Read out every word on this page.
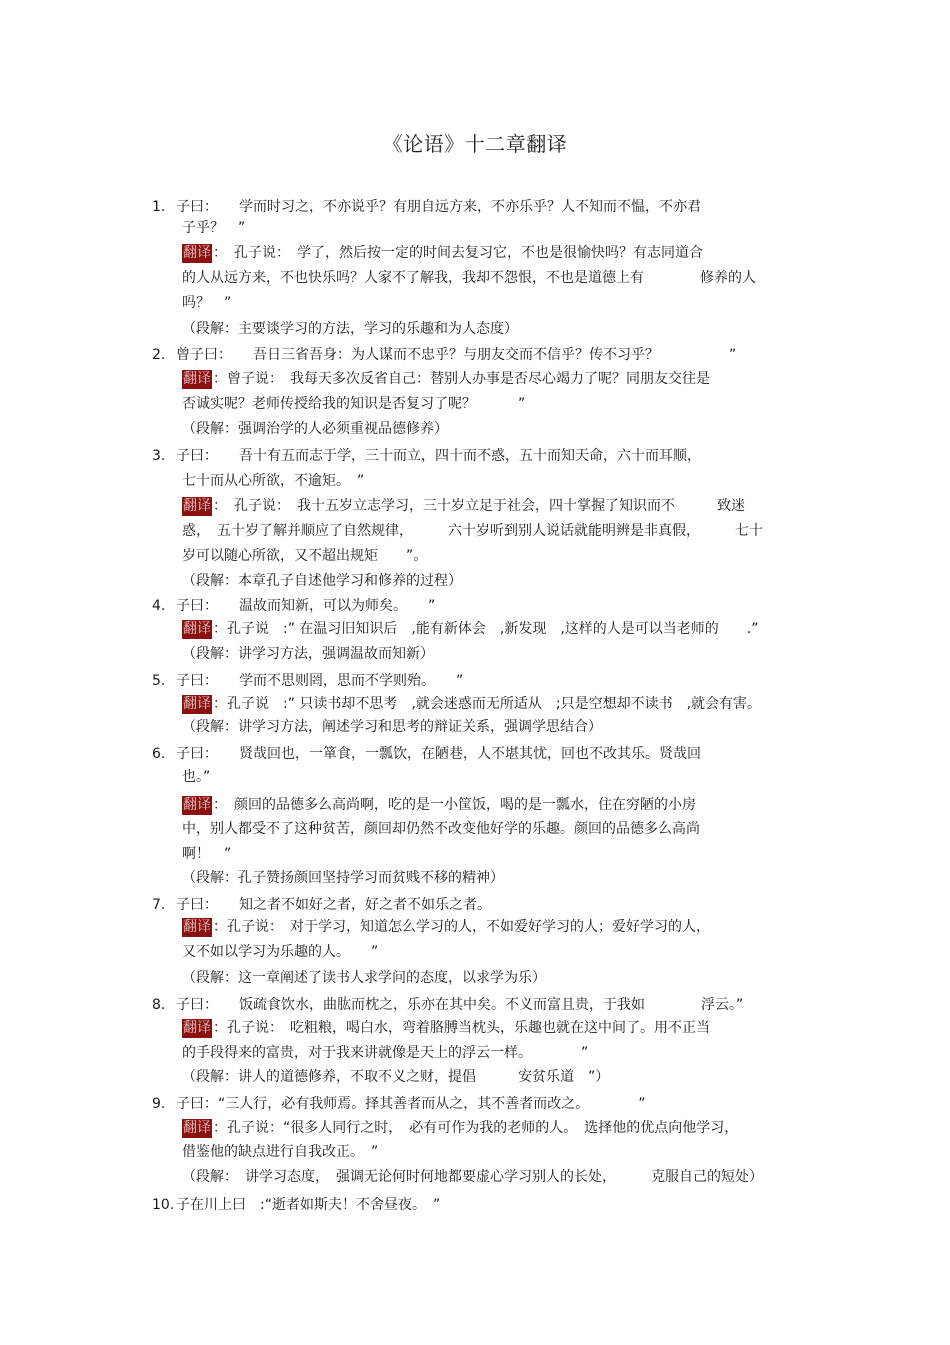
《论语》十二章翻译
1. 子曰：　　学而时习之，不亦说乎？有朋自远方来，不亦乐乎？人不知而不愠，不亦君
子乎？　”
翻译 ：　孔子说：　学了，然后按一定的时间去复习它，不也是很愉快吗？有志同道合
的人从远方来，不也快乐吗？人家不了解我，我却不怨恨，不也是道德上有　　　　修养的人
吗？　”
（段解：主要谈学习的方法，学习的乐趣和为人态度）
2. 曾子曰：　　吾日三省吾身：为人谋而不忠乎？与朋友交而不信乎？传不习乎？　　　　　”
翻译 ：曾子说：　我每天多次反省自己：替别人办事是否尽心竭力了呢？同朋友交往是
否诚实呢？老师传授给我的知识是否复习了呢？　　　”
（段解：强调治学的人必须重视品德修养）
3. 子曰：　　吾十有五而志于学，三十而立，四十而不惑，五十而知天命，六十而耳顺，
七十而从心所欲，不逾矩。　”
翻译 ：　孔子说：　我十五岁立志学习，三十岁立足于社会，四十掌握了知识而不　　　致迷
惑，　五十岁了解并顺应了自然规律，　　　六十岁听到别人说话就能明辨是非真假，　　　七十
岁可以随心所欲，又不超出规矩　　”。
（段解：本章孔子自述他学习和修养的过程）
4. 子曰：　　温故而知新，可以为师矣。　　”
翻译 ：孔子说　:” 在温习旧知识后　,能有新体会　,新发现　,这样的人是可以当老师的　　.”
（段解：讲学习方法，强调温故而知新）
5. 子曰：　　学而不思则罔，思而不学则殆。　　”
翻译 ：孔子说　:” 只读书却不思考　,就会迷惑而无所适从　;只是空想却不读书　,就会有害。
（段解：讲学习方法，阐述学习和思考的辩证关系，强调学思结合）
6. 子曰：　　贤哉回也，一箪食，一瓢饮，在陋巷，人不堪其忧，回也不改其乐。贤哉回
也。”
翻译 ：　颜回的品德多么高尚啊，吃的是一小筐饭，喝的是一瓢水，住在穷陋的小房
中，别人都受不了这种贫苦，颜回却仍然不改变他好学的乐趣。颜回的品德多么高尚
啊！　”
（段解：孔子赞扬颜回坚持学习而贫贱不移的精神）
7. 子曰：　　知之者不如好之者，好之者不如乐之者。
翻译 ：孔子说：　对于学习，知道怎么学习的人，不如爱好学习的人；爱好学习的人，
又不如以学习为乐趣的人。　　”
（段解：这一章阐述了读书人求学问的态度，以求学为乐）
8. 子曰：　　饭疏食饮水，曲肱而枕之，乐亦在其中矣。不义而富且贵，于我如　　　　浮云。”
翻译 ：孔子说：　吃粗粮，喝白水，弯着胳膊当枕头，乐趣也就在这中间了。用不正当
的手段得来的富贵，对于我来讲就像是天上的浮云一样。　　　　”
（段解：讲人的道德修养，不取不义之财，提倡　　　安贫乐道　”）
9. 子曰：“三人行，必有我师焉。择其善者而从之，其不善者而改之。　　　　”
翻译 ：孔子说：“很多人同行之时，　必有可作为我的老师的人。　选择他的优点向他学习，
借鉴他的缺点进行自我改正。　”
（段解：　讲学习态度，　强调无论何时何地都要虚心学习别人的长处，　　　克服自己的短处）
10. 子在川上曰　:“逝者如斯夫！不舍昼夜。　”
